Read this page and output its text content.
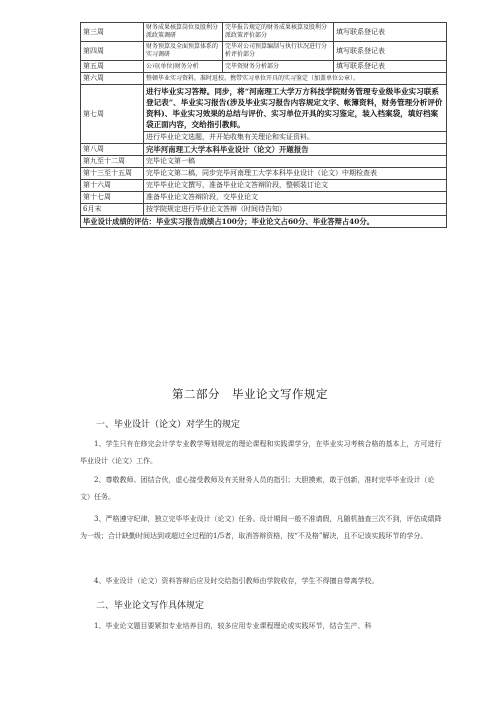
第三周	财务成果核算岗位及股利分派政策调研	完毕报告规定的财务成果核算及股利分派政策评价部分	填写联系登记表
第四周	财务预算及全面预算体系的实习调研	完毕对公司预算编制与执行状况进行分析评价部分	填写联系登记表
第五周	公司(单位)财务分析	完毕资财务分析部分	填写联系登记表
第六周	整顿毕业实习资料，准时返校。携带实习单位开具的实习鉴定（加盖单位公章）。		
第七周	进行毕业实习答辩。同步，将“河南理工大学万方科技学院财务管理专业级毕业实习联系登记表”、毕业实习报告(涉及毕业实习报告内容规定文字、帐簿资料，财务管理分析评价资料)、毕业实习效果的总结与评价、实习单位开具的实习鉴定，装入档案袋，填好档案袋正面内容，交给指引教师。		
	进行毕业论文选题，并开始收集有关理论和实证资料。		
第八周	完毕河南理工大学本科毕业设计（论文）开题报告		
第九至十二周	完毕论文第一稿		
第十三至十五周	完毕论文第二稿，同步完毕河南理工大学本科毕业设计（论文）中期检查表		
第十六周	完毕毕业论文撰写，准备毕业论文答辩阶段，整顿装订论文		
第十七周	准备毕业论文答辩阶段，交毕业论文		
6月末	按学院规定进行毕业论文答辩（时间待告知）		
毕业设计成绩的评估：毕业实习报告成绩占100分；毕业论文占60分、毕业答辩占40分。			
第二部分　毕业论文写作规定
一、毕业设计（论文）对学生的规定

1、学生只有在修完会计学专业教学筹划规定的理论课程和实践课学分，在毕业实习考核合格的基本上，方可进行毕业设计（论文）工作。

2、尊敬教师、团结合伙，虚心接受教师及有关财务人员的指引；大胆摸索，敢于创新，准时完毕毕业设计（论文）任务。

3、严格遵守纪律，独立完毕毕业设计（论文）任务。设计期间一般不准请假，凡随机抽查三次不到，评估成绩降为一级；合计缺勤时间达到或超过全过程的1/5者，取消答辩资格，按“不及格”解决，且不记该实践环节的学分。

4、毕业设计（论文）资料答辩后应及时交给指引教师由学院收存，学生不得擅自带离学校。

二、毕业论文写作具体规定

1、毕业论文题目要紧扣专业培养目的，较多应用专业课程理论或实践环节，结合生产、科
